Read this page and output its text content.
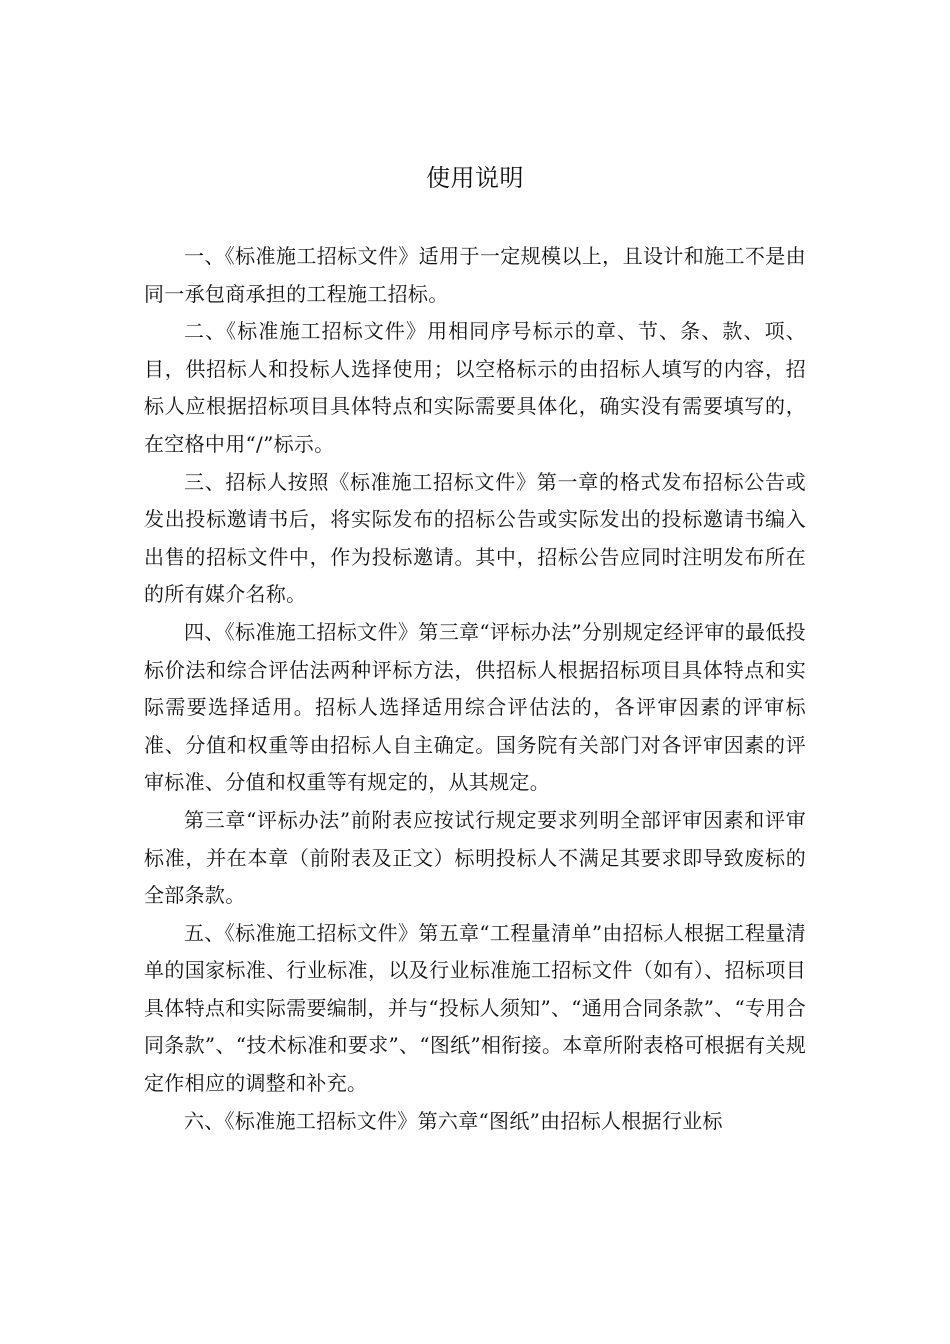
使用说明

一、《标准施工招标文件》适用于一定规模以上，且设计和施工不是由同一承包商承担的工程施工招标。

二、《标准施工招标文件》用相同序号标示的章、节、条、款、项、目，供招标人和投标人选择使用；以空格标示的由招标人填写的内容，招标人应根据招标项目具体特点和实际需要具体化，确实没有需要填写的，在空格中用“/”标示。

三、招标人按照《标准施工招标文件》第一章的格式发布招标公告或发出投标邀请书后，将实际发布的招标公告或实际发出的投标邀请书编入出售的招标文件中，作为投标邀请。其中，招标公告应同时注明发布所在的所有媒介名称。

四、《标准施工招标文件》第三章“评标办法”分别规定经评审的最低投标价法和综合评估法两种评标方法，供招标人根据招标项目具体特点和实际需要选择适用。招标人选择适用综合评估法的，各评审因素的评审标准、分值和权重等由招标人自主确定。国务院有关部门对各评审因素的评审标准、分值和权重等有规定的，从其规定。

第三章“评标办法”前附表应按试行规定要求列明全部评审因素和评审标准，并在本章（前附表及正文）标明投标人不满足其要求即导致废标的全部条款。

五、《标准施工招标文件》第五章“工程量清单”由招标人根据工程量清单的国家标准、行业标准，以及行业标准施工招标文件（如有）、招标项目具体特点和实际需要编制，并与“投标人须知”、“通用合同条款”、“专用合同条款”、“技术标准和要求”、“图纸”相衔接。本章所附表格可根据有关规定作相应的调整和补充。

六、《标准施工招标文件》第六章“图纸”由招标人根据行业标
